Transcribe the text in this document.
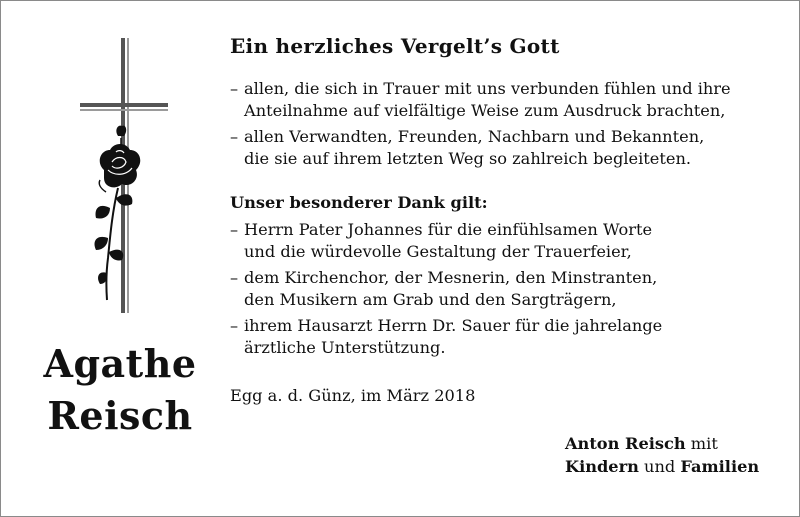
Agathe
Reisch
Ein herzliches Vergelt’s Gott
– allen, die sich in Trauer mit uns verbunden fühlen und ihre
Anteilnahme auf vielfältige Weise zum Ausdruck brachten,
– allen Verwandten, Freunden, Nachbarn und Bekannten,
die sie auf ihrem letzten Weg so zahlreich begleiteten.
Unser besonderer Dank gilt:
– Herrn Pater Johannes für die einfühlsamen Worte
und die würdevolle Gestaltung der Trauerfeier,
– dem Kirchenchor, der Mesnerin, den Minstranten,
den Musikern am Grab und den Sargträgern,
– ihrem Hausarzt Herrn Dr. Sauer für die jahrelange
ärztliche Unterstützung.
Egg a. d. Günz, im März 2018
Anton Reisch mit
Kindern und Familien
